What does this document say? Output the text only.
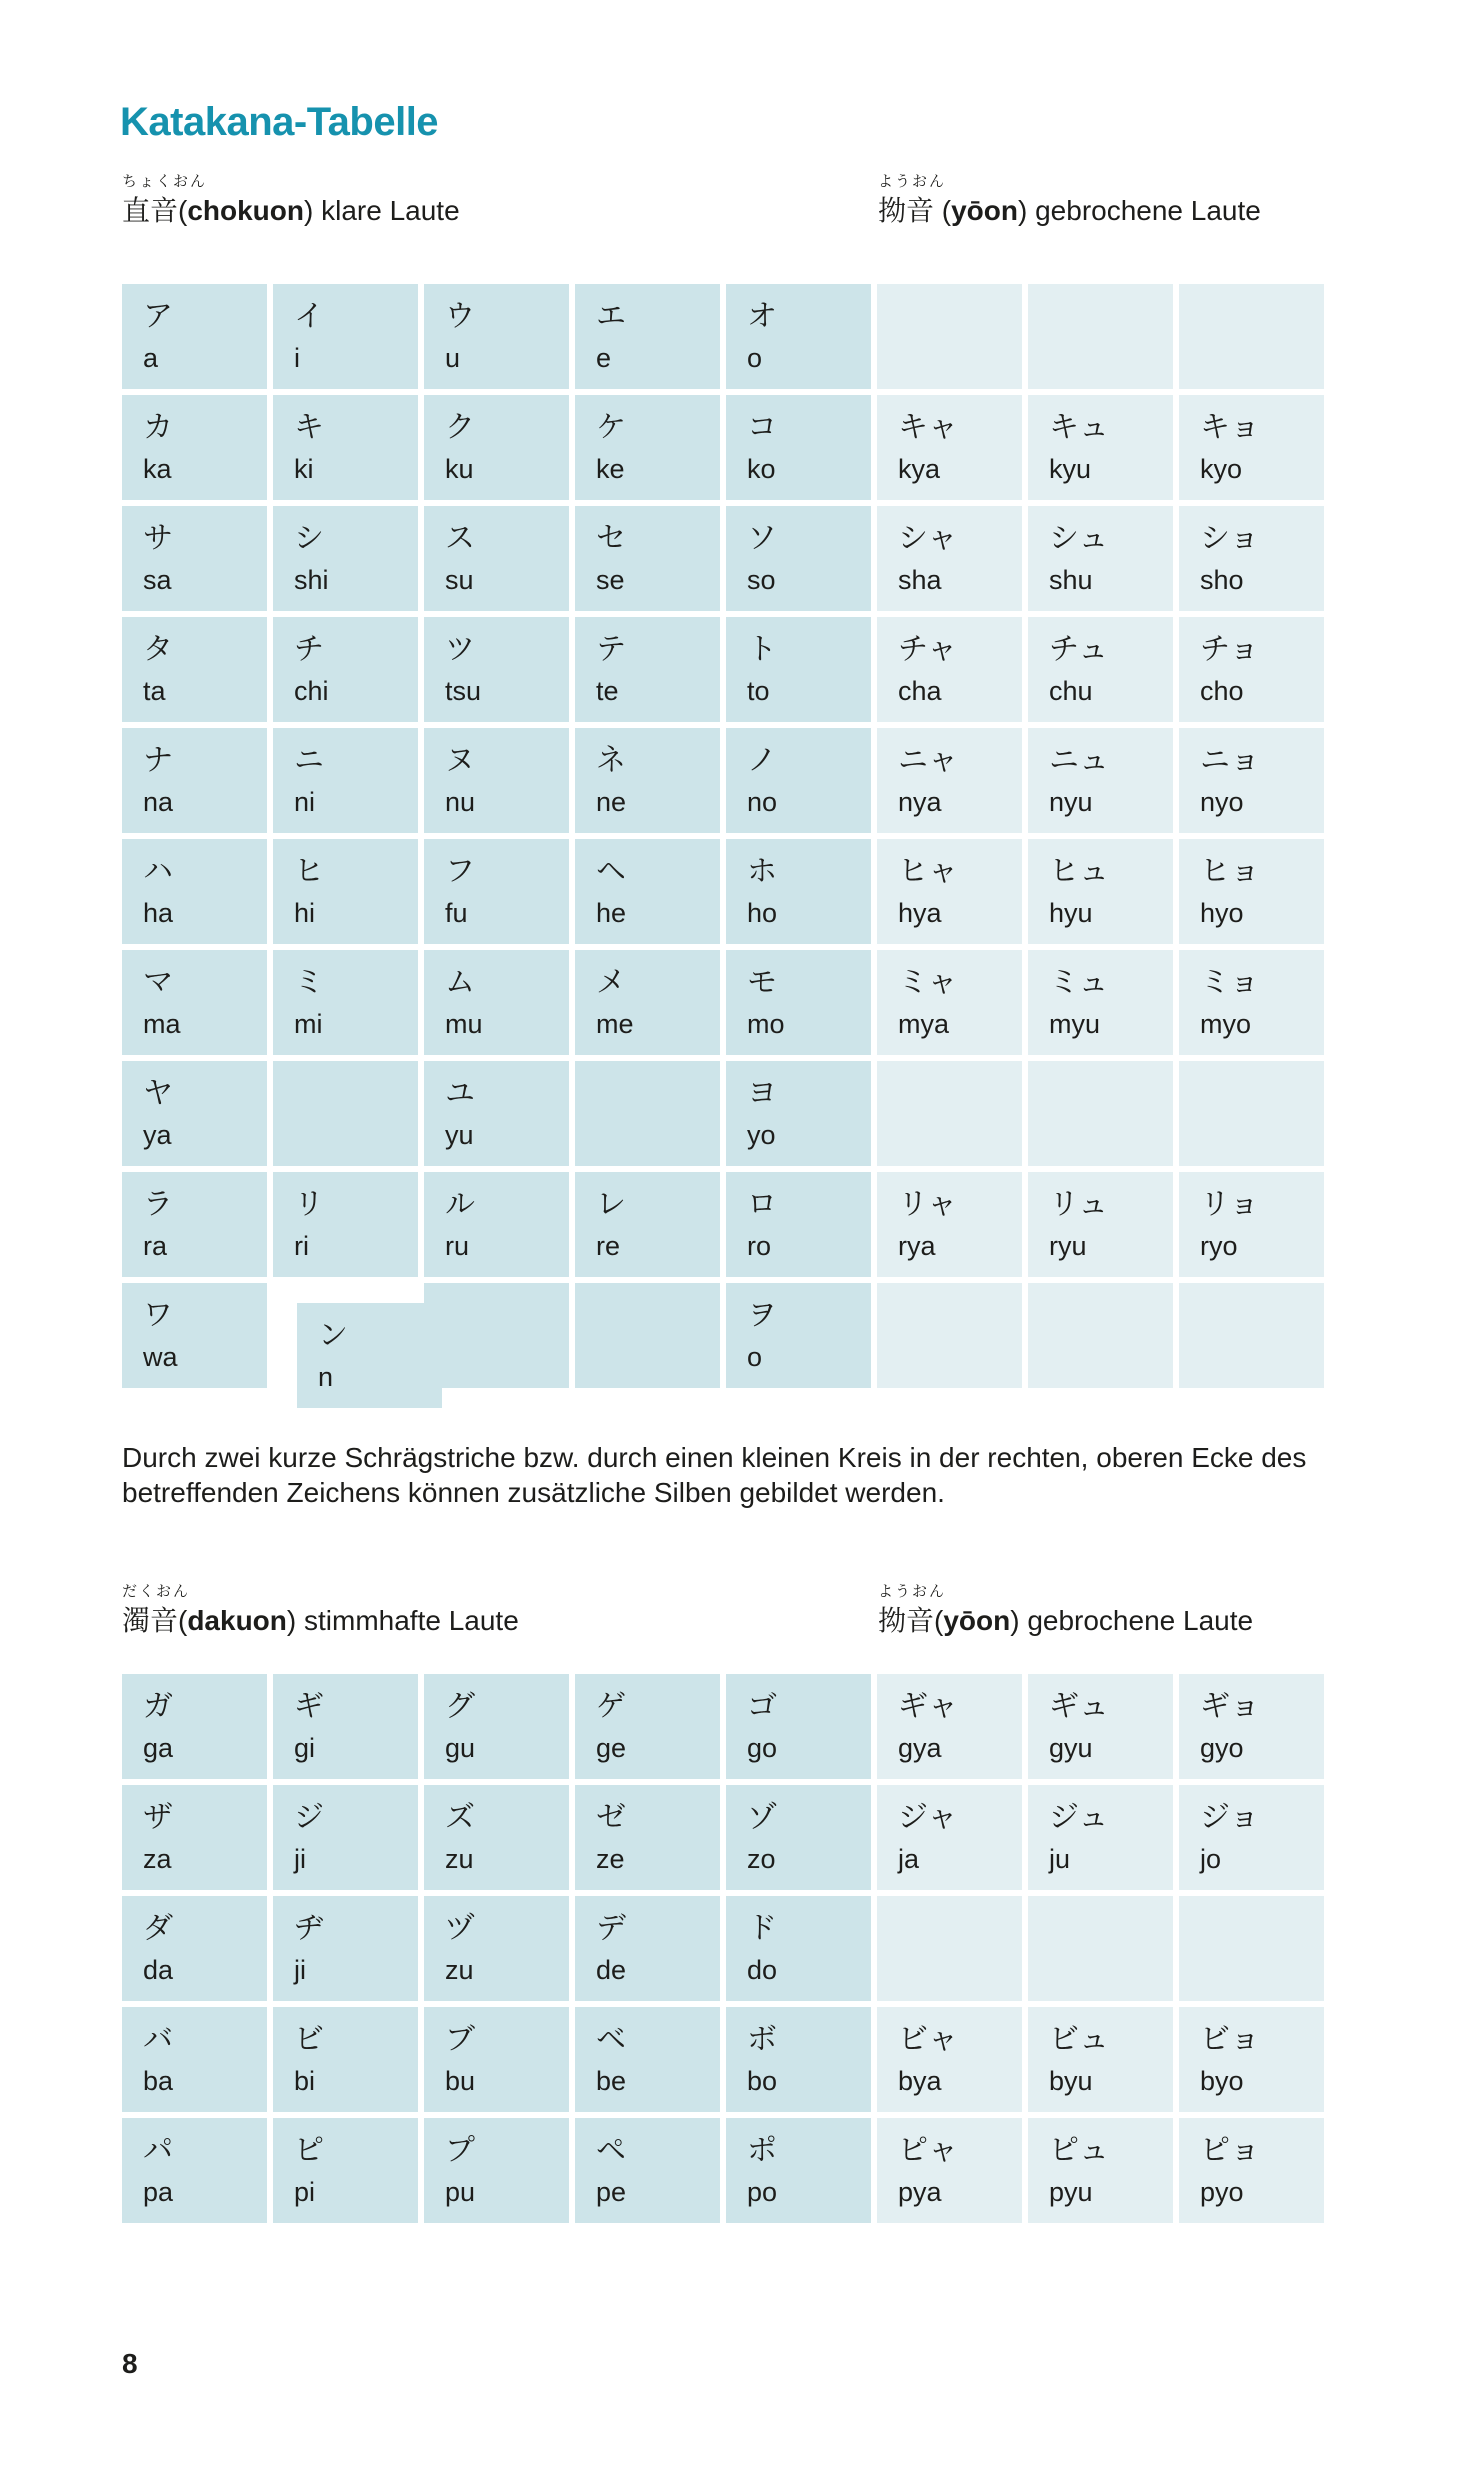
Katakana-Tabelle
ちょくおん
直音(chokuon) klare Laute
ようおん
拗音 (yōon) gebrochene Laute
ア
a
イ
i
ウ
u
エ
e
オ
o
カ
ka
キ
ki
ク
ku
ケ
ke
コ
ko
キャ
kya
キュ
kyu
キョ
kyo
サ
sa
シ
shi
ス
su
セ
se
ソ
so
シャ
sha
シュ
shu
ショ
sho
タ
ta
チ
chi
ツ
tsu
テ
te
ト
to
チャ
cha
チュ
chu
チョ
cho
ナ
na
ニ
ni
ヌ
nu
ネ
ne
ノ
no
ニャ
nya
ニュ
nyu
ニョ
nyo
ハ
ha
ヒ
hi
フ
fu
ヘ
he
ホ
ho
ヒャ
hya
ヒュ
hyu
ヒョ
hyo
マ
ma
ミ
mi
ム
mu
メ
me
モ
mo
ミャ
mya
ミュ
myu
ミョ
myo
ヤ
ya
ユ
yu
ヨ
yo
ラ
ra
リ
ri
ル
ru
レ
re
ロ
ro
リャ
rya
リュ
ryu
リョ
ryo
ワ
wa
ン
n
ヲ
o
Durch zwei kurze Schrägstriche bzw. durch einen kleinen Kreis in der rechten, oberen Ecke des betreffenden Zeichens können zusätzliche Silben gebildet werden.
だくおん
濁音(dakuon) stimmhafte Laute
ようおん
拗音(yōon) gebrochene Laute
ガ
ga
ギ
gi
グ
gu
ゲ
ge
ゴ
go
ギャ
gya
ギュ
gyu
ギョ
gyo
ザ
za
ジ
ji
ズ
zu
ゼ
ze
ゾ
zo
ジャ
ja
ジュ
ju
ジョ
jo
ダ
da
ヂ
ji
ヅ
zu
デ
de
ド
do
バ
ba
ビ
bi
ブ
bu
ベ
be
ボ
bo
ビャ
bya
ビュ
byu
ビョ
byo
パ
pa
ピ
pi
プ
pu
ペ
pe
ポ
po
ピャ
pya
ピュ
pyu
ピョ
pyo
8
